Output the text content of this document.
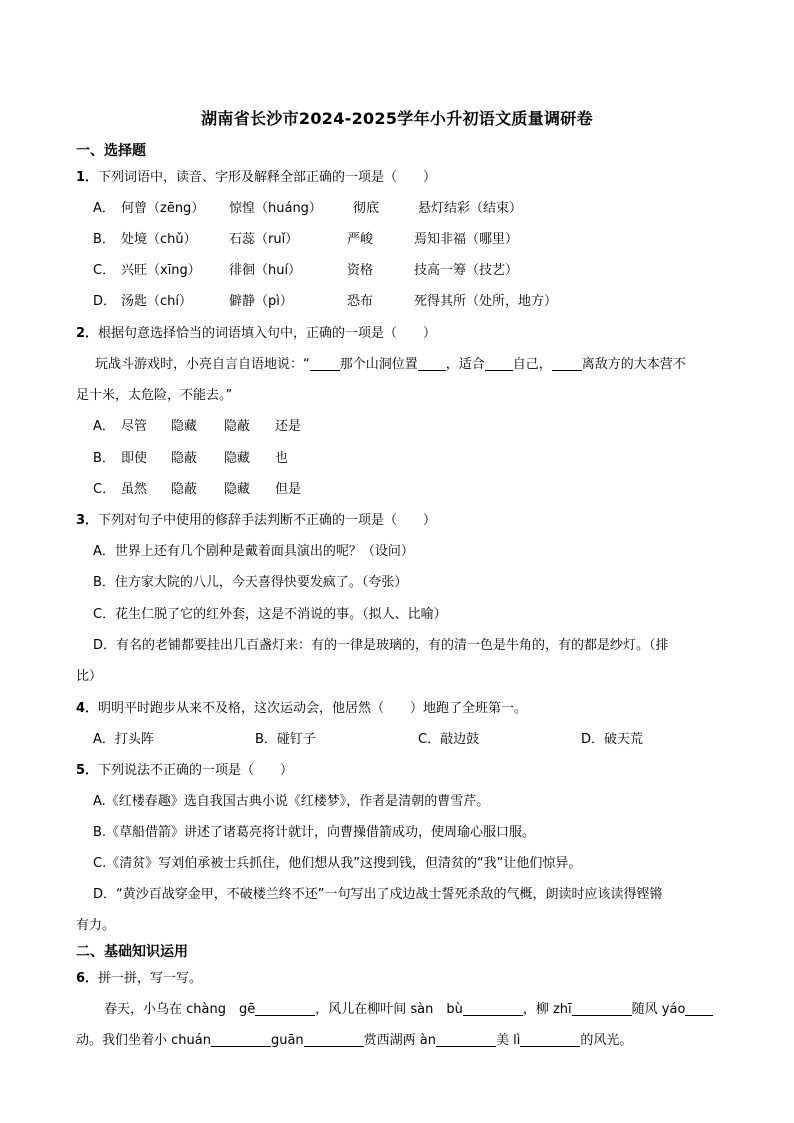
湖南省长沙市2024-2025学年小升初语文质量调研卷
一、选择题
1．下列词语中，读音、字形及解释全部正确的一项是（　　）
A． 何曾（zēng） 惊惶（huáng） 彻底	悬灯结彩（结束）
B． 处境（chǔ） 石蕊（ruǐ）	严峻	焉知非福（哪里）
C． 兴旺（xīng） 徘徊（huí）	资格	技高一筹（技艺）
D． 汤匙（chí）	僻静（pì）	恐布	死得其所（处所，地方）
2．根据句意选择恰当的词语填入句中，正确的一项是（　　）
玩战斗游戏时，小亮自言自语地说：“ 那个山洞位置 ，适合 自己， 离敌方的大本营不
足十米，太危险，不能去。”
A． 尽管 隐藏 隐蔽 还是
B． 即使 隐蔽 隐藏 也
C． 虽然 隐蔽 隐藏 但是
3．下列对句子中使用的修辞手法判断不正确的一项是（　　）
A．世界上还有几个剧种是戴着面具演出的呢？（设问）
B．住方家大院的八儿，今天喜得快要发疯了。（夸张）
C．花生仁脱了它的红外套，这是不消说的事。（拟人、比喻）
D．有名的老铺都要挂出几百盏灯来：有的一律是玻璃的，有的清一色是牛角的，有的都是纱灯。（排
比）
4．明明平时跑步从来不及格，这次运动会，他居然（　　）地跑了全班第一。
A．打头阵	B．碰钉子	C．敲边鼓	D．破天荒
5．下列说法不正确的一项是（　　）
A.《红楼春趣》选自我国古典小说《红楼梦》，作者是清朝的曹雪芹。
B.《草船借箭》讲述了诸葛亮将计就计，向曹操借箭成功，使周瑜心服口服。
C.《清贫》写刘伯承被士兵抓住，他们想从我”这搜到钱，但清贫的“我”让他们惊异。
D．“黄沙百战穿金甲，不破楼兰终不还”一句写出了戍边战士誓死杀敌的气概，朗读时应该读得铿锵
有力。
二、基础知识运用
6．拼一拼，写一写。
春天，小乌在 chàng　gē	，风儿在柳叶间 sàn　bù	，柳 zhī	随风 yáo
动。我们坐着小 chuán	guān	赏西湖两 àn	美 lì	的风光。
